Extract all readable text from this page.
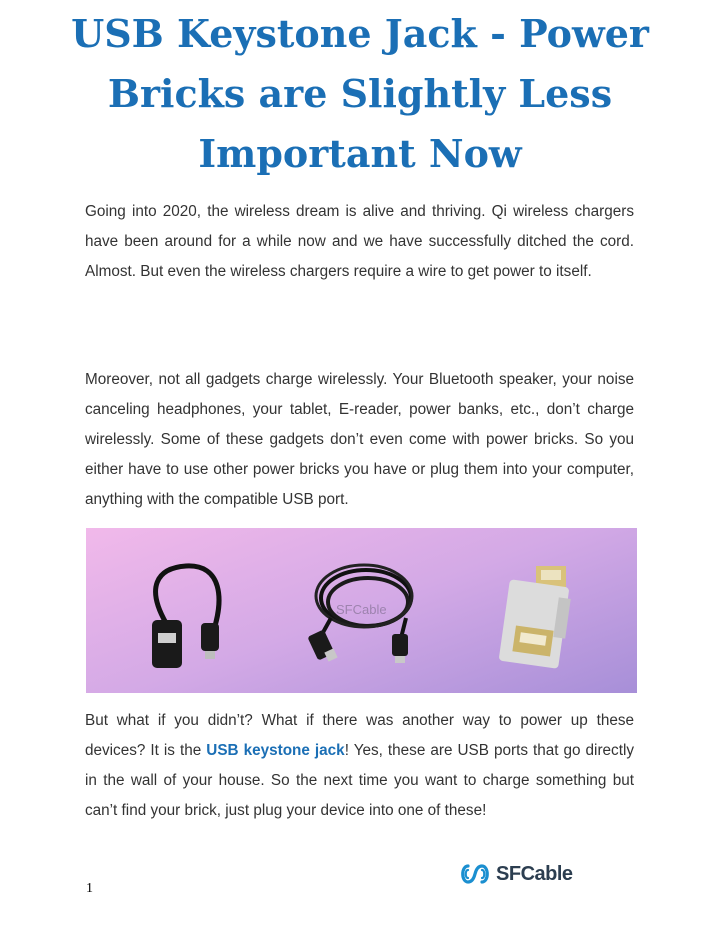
USB Keystone Jack - Power Bricks are Slightly Less Important Now

Going into 2020, the wireless dream is alive and thriving. Qi wireless chargers have been around for a while now and we have successfully ditched the cord. Almost. But even the wireless chargers require a wire to get power to itself.

Moreover, not all gadgets charge wirelessly. Your Bluetooth speaker, your noise canceling headphones, your tablet, E-reader, power banks, etc., don’t charge wirelessly. Some of these gadgets don’t even come with power bricks. So you either have to use other power bricks you have or plug them into your computer, anything with the compatible USB port.

SFCable

But what if you didn’t? What if there was another way to power up these devices? It is the USB keystone jack! Yes, these are USB ports that go directly in the wall of your house. So the next time you want to charge something but can’t find your brick, just plug your device into one of these!

1
SFCable
